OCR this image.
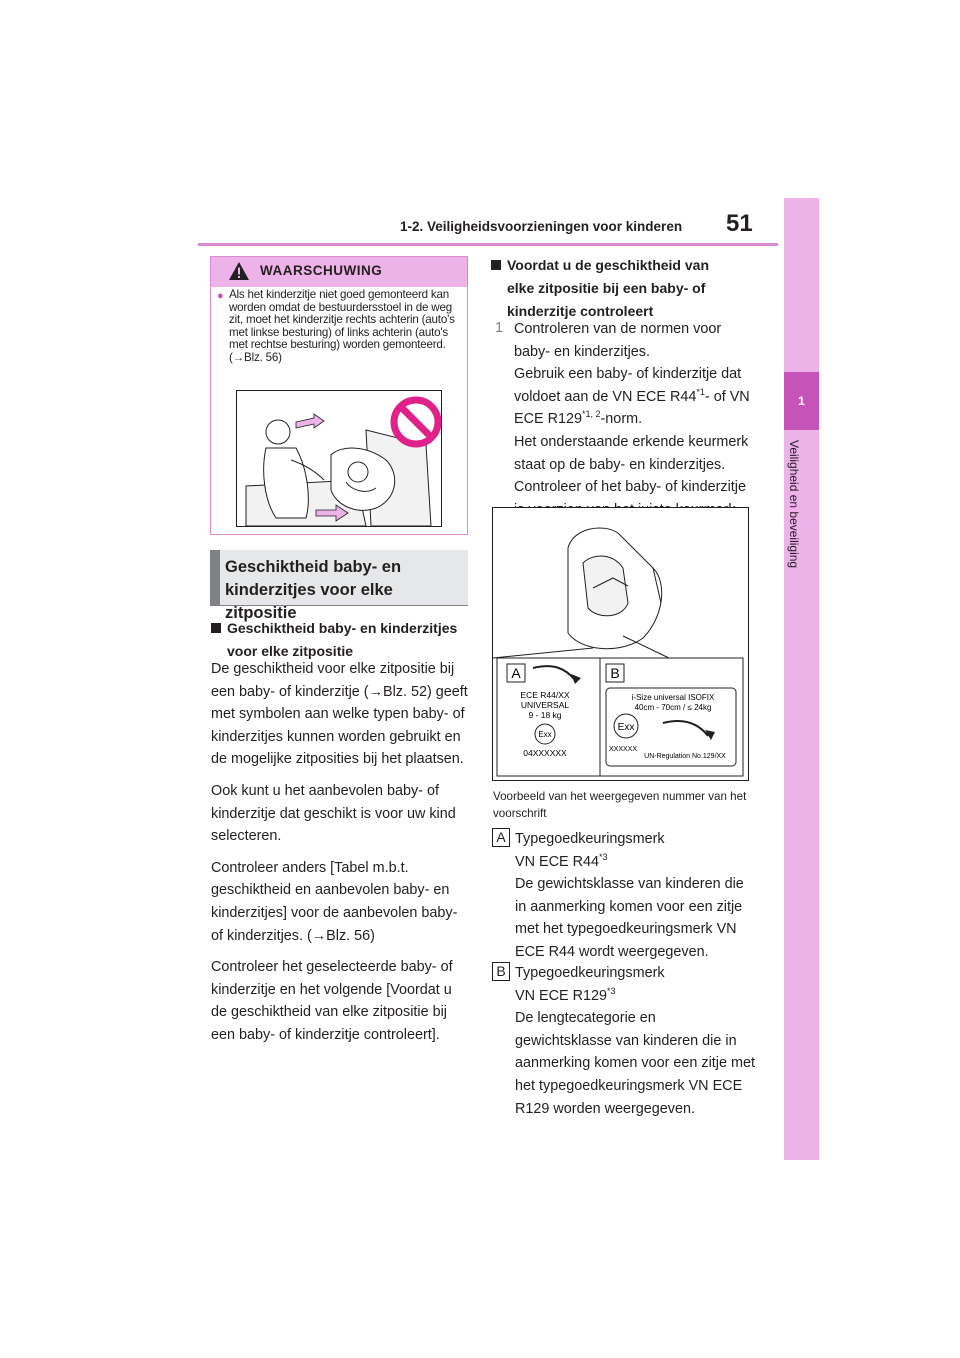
1-2. Veiligheidsvoorzieningen voor kinderen 51
1
Veiligheid en beveiliging
WAARSCHUWING
● Als het kinderzitje niet goed gemonteerd kan worden omdat de bestuurdersstoel in de weg zit, moet het kinderzitje rechts achterin (auto's met linkse besturing) of links achterin (auto's met rechtse besturing) worden gemonteerd. (→Blz. 56)
Geschiktheid baby- en kinderzitjes voor elke zitpositie
Geschiktheid baby- en kinderzitjes voor elke zitpositie

De geschiktheid voor elke zitpositie bij een baby- of kinderzitje (→Blz. 52) geeft met symbolen aan welke typen baby- of kinderzitjes kunnen worden gebruikt en de mogelijke zitposities bij het plaatsen.

Ook kunt u het aanbevolen baby- of kinderzitje dat geschikt is voor uw kind selecteren.

Controleer anders [Tabel m.b.t. geschiktheid en aanbevolen baby- en kinderzitjes] voor de aanbevolen baby- of kinderzitjes. (→Blz. 56)

Controleer het geselecteerde baby- of kinderzitje en het volgende [Voordat u de geschiktheid van elke zitpositie bij een baby- of kinderzitje controleert].

Voordat u de geschiktheid van elke zitpositie bij een baby- of kinderzitje controleert
1 Controleren van de normen voor baby- en kinderzitjes.
Gebruik een baby- of kinderzitje dat voldoet aan de VN ECE R44$^{*1}$- of VN ECE R129$^{*1, 2}$-norm.
Het onderstaande erkende keurmerk staat op de baby- en kinderzitjes. Controleer of het baby- of kinderzitje
A
ECE R44/XX
UNIVERSAL
9 - 18 kg
Exx
04XXXXXX
B
i-Size universal ISOFIX
40cm - 70cm / ≤ 24kg
Exx
XXXXXX
UN-Regulation No.129/XX
Voorbeeld van het weergegeven nummer van het voorschrift
A Typegoedkeuringsmerk
VN ECE R44$^{*3}$
De gewichtsklasse van kinderen die in aanmerking komen voor een zitje met het typegoedkeuringsmerk VN ECE R44 wordt weergegeven.
B Typegoedkeuringsmerk
VN ECE R129$^{*3}$
De lengtecategorie en gewichtsklasse van kinderen die in aanmerking komen voor een zitje met het typegoedkeuringsmerk VN ECE R129 worden weergegeven.
